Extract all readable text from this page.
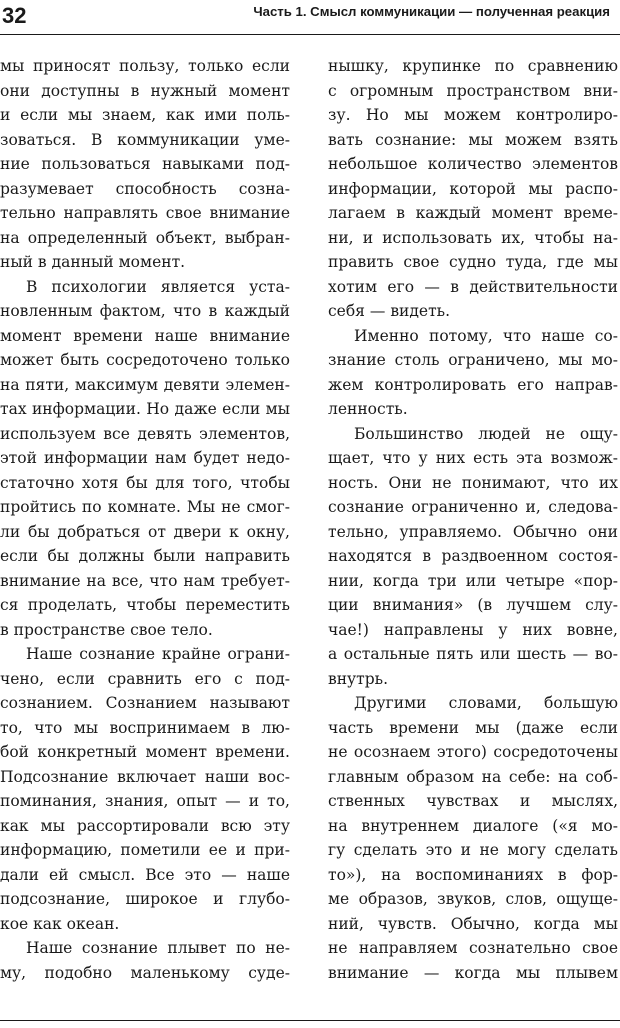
32	Часть 1. Смысл коммуникации — полученная реакция
мы приносят пользу, только если
они доступны в нужный момент
и если мы знаем, как ими поль-
зоваться. В коммуникации уме-
ние пользоваться навыками под-
разумевает способность созна-
тельно направлять свое внимание
на определенный объект, выбран-
ный в данный момент.
В психологии является уста-
новленным фактом, что в каждый
момент времени наше внимание
может быть сосредоточено только
на пяти, максимум девяти элемен-
тах информации. Но даже если мы
используем все девять элементов,
этой информации нам будет недо-
статочно хотя бы для того, чтобы
пройтись по комнате. Мы не смог-
ли бы добраться от двери к окну,
если бы должны были направить
внимание на все, что нам требует-
ся проделать, чтобы переместить
в пространстве свое тело.
Наше сознание крайне ограни-
чено, если сравнить его с под-
сознанием. Сознанием называют
то, что мы воспринимаем в лю-
бой конкретный момент времени.
Подсознание включает наши вос-
поминания, знания, опыт — и то,
как мы рассортировали всю эту
информацию, пометили ее и при-
дали ей смысл. Все это — наше
подсознание, широкое и глубо-
кое как океан.
Наше сознание плывет по не-
му, подобно маленькому суде-
нышку, крупинке по сравнению
с огромным пространством вни-
зу. Но мы можем контролиро-
вать сознание: мы можем взять
небольшое количество элементов
информации, которой мы распо-
лагаем в каждый момент време-
ни, и использовать их, чтобы на-
править свое судно туда, где мы
хотим его — в действительности
себя — видеть.
Именно потому, что наше со-
знание столь ограничено, мы мо-
жем контролировать его направ-
ленность.
Большинство людей не ощу-
щает, что у них есть эта возмож-
ность. Они не понимают, что их
сознание ограниченно и, следова-
тельно, управляемо. Обычно они
находятся в раздвоенном состоя-
нии, когда три или четыре «пор-
ции внимания» (в лучшем слу-
чае!) направлены у них вовне,
а остальные пять или шесть — во-
внутрь.
Другими словами, большую
часть времени мы (даже если
не осознаем этого) сосредоточены
главным образом на себе: на соб-
ственных чувствах и мыслях,
на внутреннем диалоге («я мо-
гу сделать это и не могу сделать
то»), на воспоминаниях в фор-
ме образов, звуков, слов, ощуще-
ний, чувств. Обычно, когда мы
не направляем сознательно свое
внимание — когда мы плывем
